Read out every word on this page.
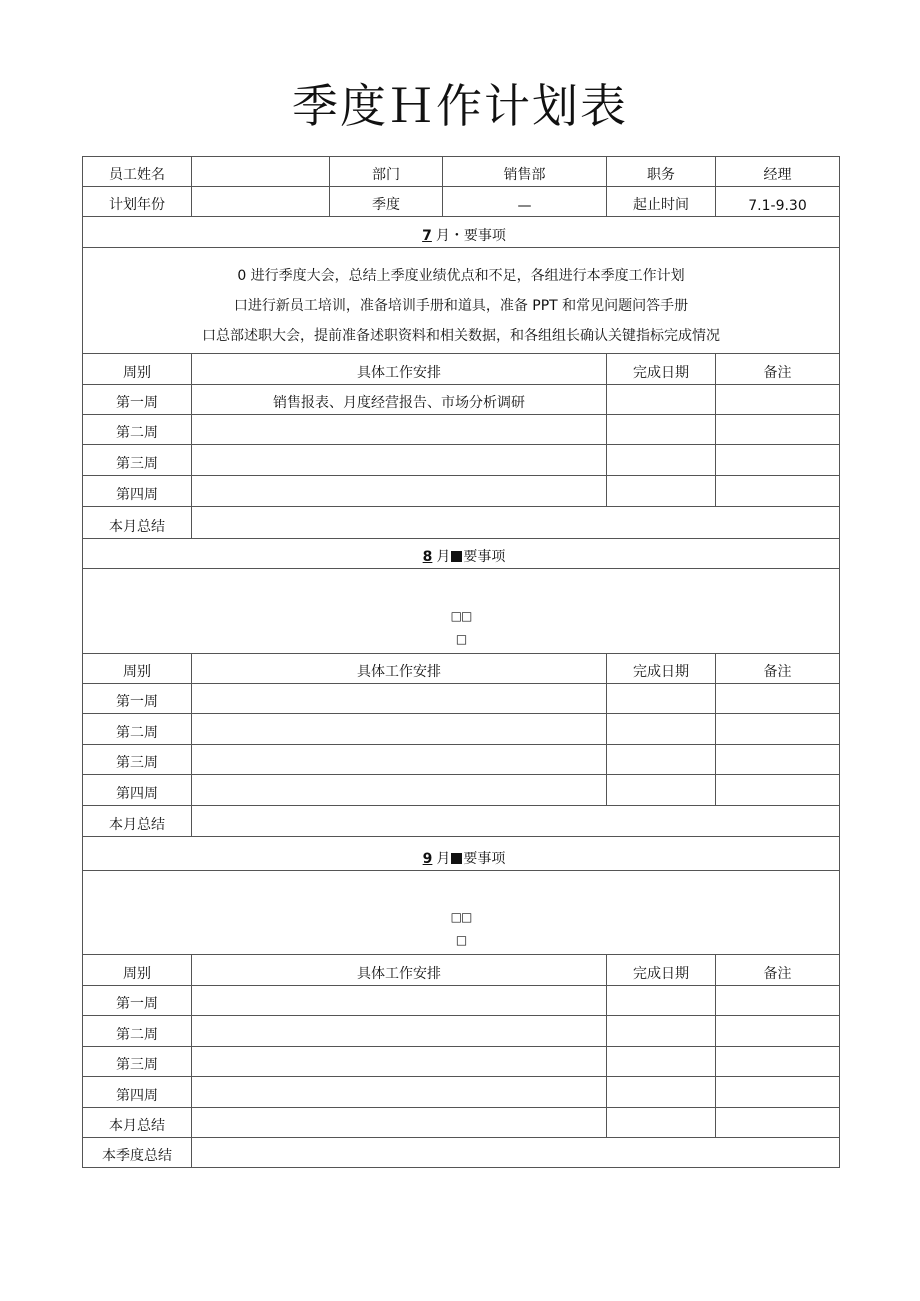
季度Ｈ作计划表
员工姓名		部门	销售部	职务	经理
计划年份		季度	—	起止时间	7.1-9.30
7 月・要事项					

0 进行季度大会，总结上季度业绩优点和不足，各组进行本季度工作计划
口进行新员工培训，准备培训手册和道具，准备 PPT 和常见问题问答手册
口总部述职大会，提前准备述职资料和相关数据，和各组组长确认关键指标完成情况					

周别	具体工作安排			完成日期	备注
第一周	销售报表、月度经营报告、市场分析调研				
第二周					
第三周					
第四周					
本月总结					
8 月 要事项					

□□
□					

周别	具体工作安排			完成日期	备注
第一周					
第二周					
第三周					
第四周					
本月总结					
9 月 要事项					

□□
□					

周别	具体工作安排			完成日期	备注
第一周					
第二周					
第三周					
第四周					
本月总结					
本季度总结					
